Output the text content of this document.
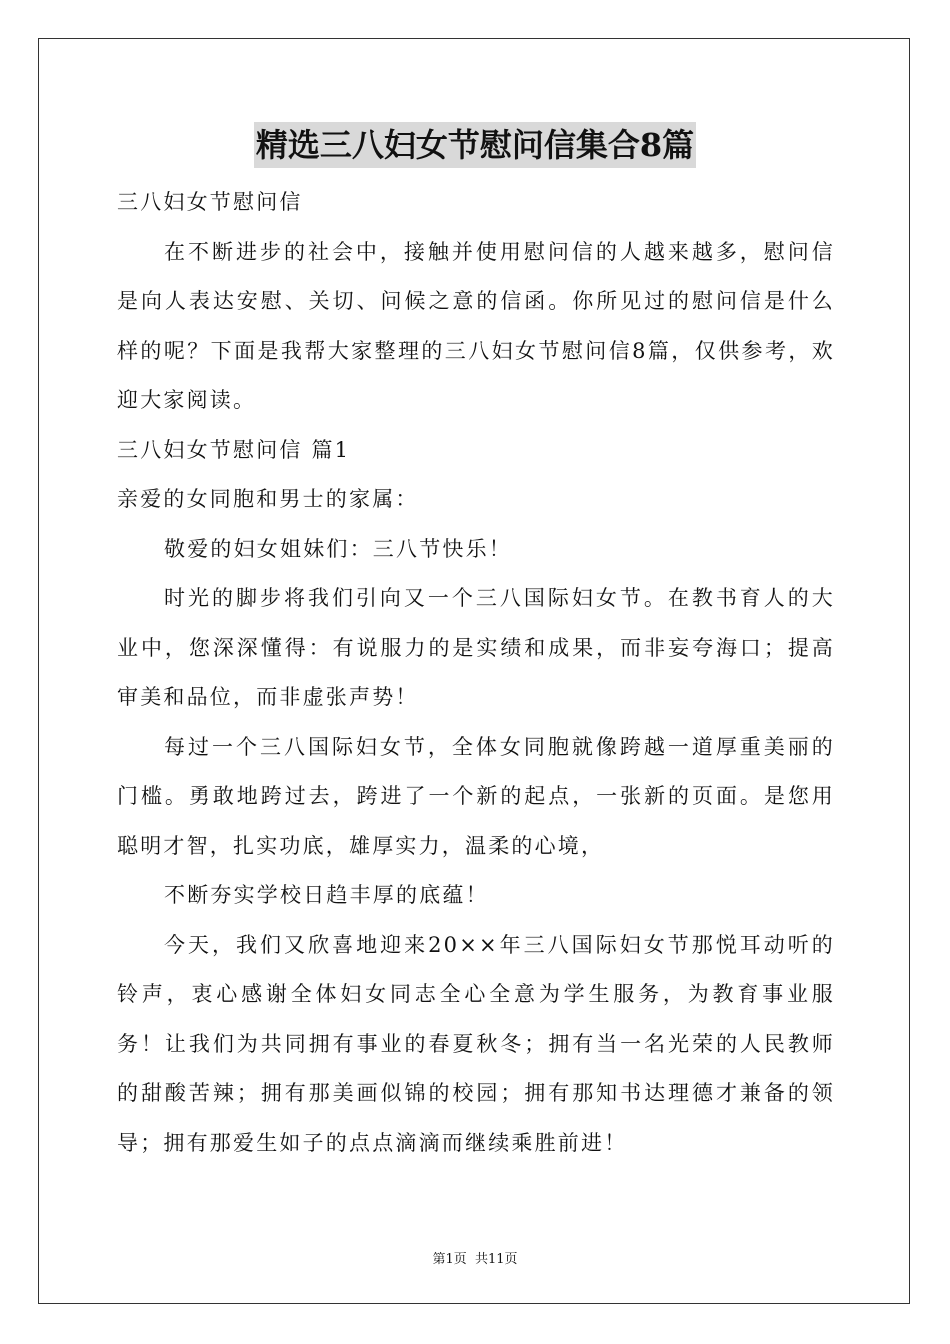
精选三八妇女节慰问信集合8篇

三八妇女节慰问信

在不断进步的社会中，接触并使用慰问信的人越来越多，慰问信是向人表达安慰、关切、问候之意的信函。你所见过的慰问信是什么样的呢？下面是我帮大家整理的三八妇女节慰问信8篇，仅供参考，欢迎大家阅读。

三八妇女节慰问信 篇1

亲爱的女同胞和男士的家属：

敬爱的妇女姐妹们：三八节快乐！

时光的脚步将我们引向又一个三八国际妇女节。在教书育人的大业中，您深深懂得：有说服力的是实绩和成果，而非妄夸海口；提高审美和品位，而非虚张声势！

每过一个三八国际妇女节，全体女同胞就像跨越一道厚重美丽的门槛。勇敢地跨过去，跨进了一个新的起点，一张新的页面。是您用聪明才智，扎实功底，雄厚实力，温柔的心境，

不断夯实学校日趋丰厚的底蕴！

今天，我们又欣喜地迎来20××年三八国际妇女节那悦耳动听的铃声，衷心感谢全体妇女同志全心全意为学生服务，为教育事业服务！让我们为共同拥有事业的春夏秋冬；拥有当一名光荣的人民教师的甜酸苦辣；拥有那美画似锦的校园；拥有那知书达理德才兼备的领导；拥有那爱生如子的点点滴滴而继续乘胜前进！

第1页  共11页
